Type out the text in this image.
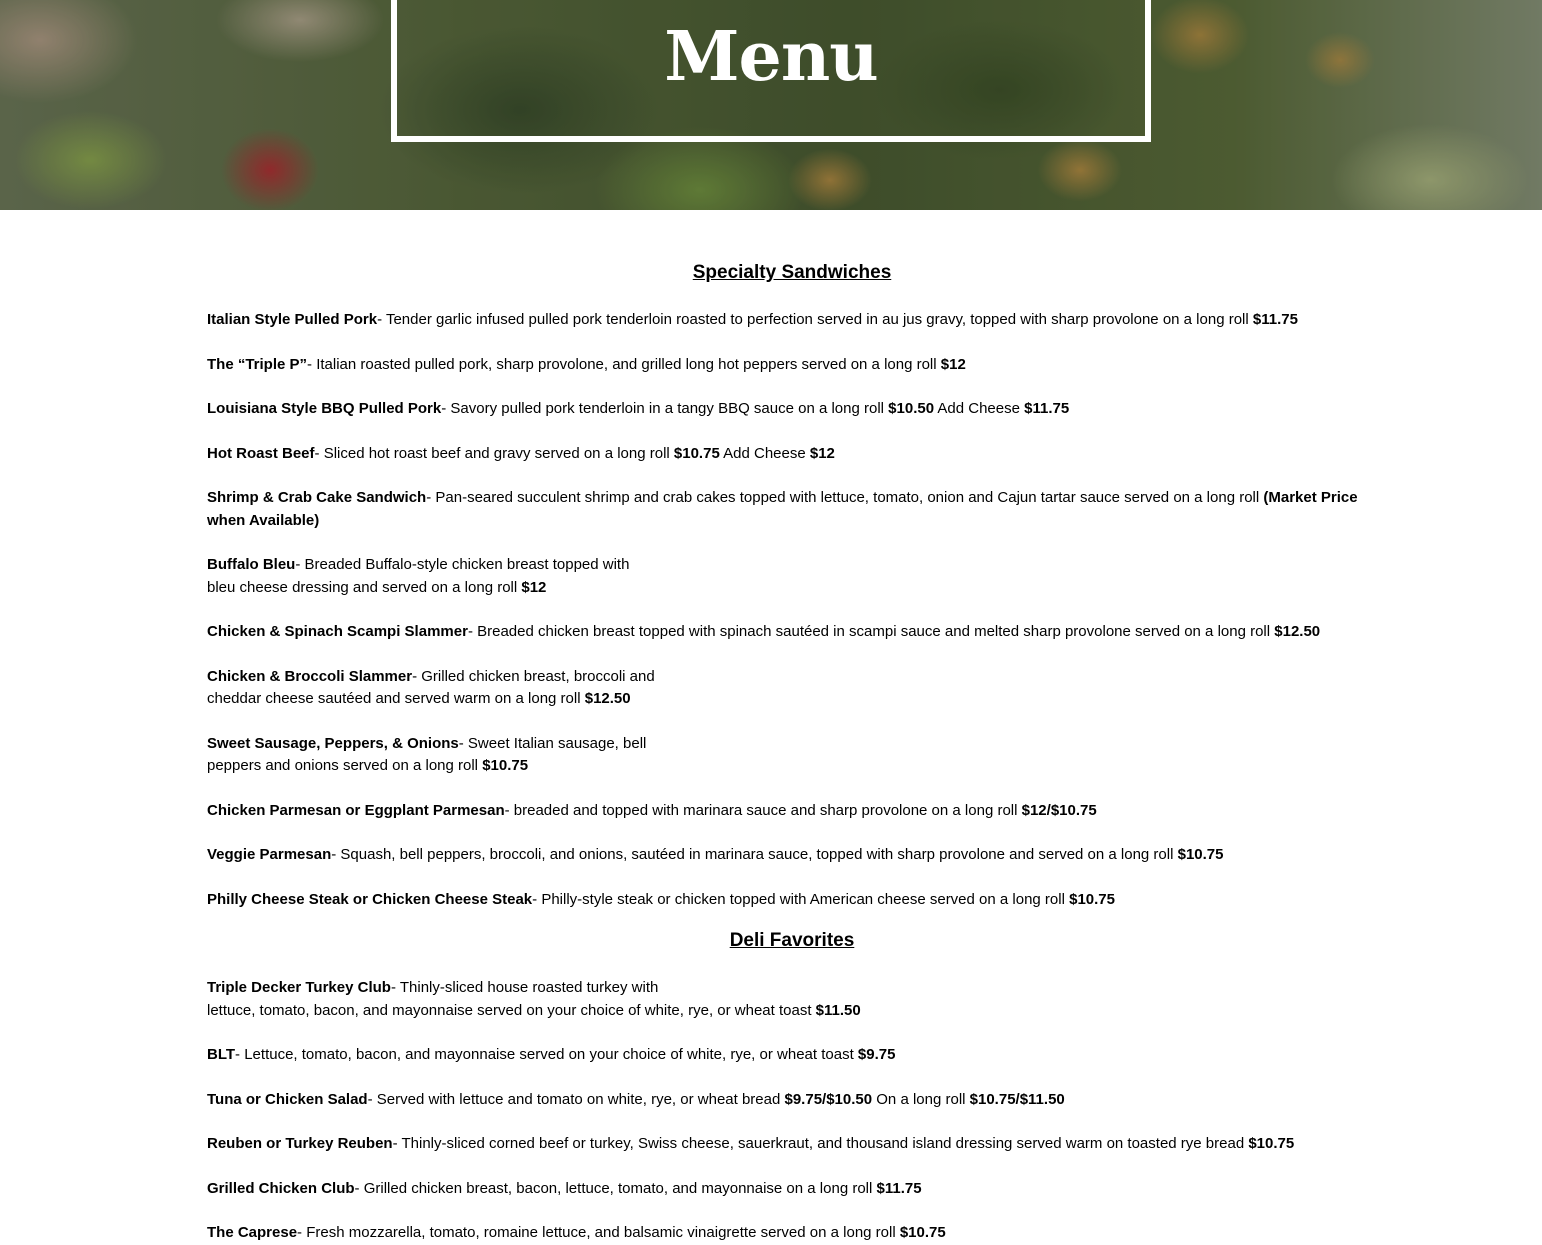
Menu
Specialty Sandwiches

Italian Style Pulled Pork- Tender garlic infused pulled pork tenderloin roasted to perfection served in au jus gravy, topped with sharp provolone on a long roll $11.75

The “Triple P”- Italian roasted pulled pork, sharp provolone, and grilled long hot peppers served on a long roll $12

Louisiana Style BBQ Pulled Pork- Savory pulled pork tenderloin in a tangy BBQ sauce on a long roll $10.50 Add Cheese $11.75

Hot Roast Beef- Sliced hot roast beef and gravy served on a long roll $10.75 Add Cheese $12

Shrimp & Crab Cake Sandwich- Pan-seared succulent shrimp and crab cakes topped with lettuce, tomato, onion and Cajun tartar sauce served on a long roll (Market Price when Available)

Buffalo Bleu- Breaded Buffalo-style chicken breast topped with
bleu cheese dressing and served on a long roll $12

Chicken & Spinach Scampi Slammer- Breaded chicken breast topped with spinach sautéed in scampi sauce and melted sharp provolone served on a long roll $12.50

Chicken & Broccoli Slammer- Grilled chicken breast, broccoli and
cheddar cheese sautéed and served warm on a long roll $12.50

Sweet Sausage, Peppers, & Onions- Sweet Italian sausage, bell
peppers and onions served on a long roll $10.75

Chicken Parmesan or Eggplant Parmesan- breaded and topped with marinara sauce and sharp provolone on a long roll $12/$10.75

Veggie Parmesan- Squash, bell peppers, broccoli, and onions, sautéed in marinara sauce, topped with sharp provolone and served on a long roll $10.75

Philly Cheese Steak or Chicken Cheese Steak- Philly-style steak or chicken topped with American cheese served on a long roll $10.75

Deli Favorites

Triple Decker Turkey Club- Thinly-sliced house roasted turkey with
lettuce, tomato, bacon, and mayonnaise served on your choice of white, rye, or wheat toast $11.50

BLT- Lettuce, tomato, bacon, and mayonnaise served on your choice of white, rye, or wheat toast $9.75

Tuna or Chicken Salad- Served with lettuce and tomato on white, rye, or wheat bread $9.75/$10.50 On a long roll $10.75/$11.50

Reuben or Turkey Reuben- Thinly-sliced corned beef or turkey, Swiss cheese, sauerkraut, and thousand island dressing served warm on toasted rye bread $10.75

Grilled Chicken Club- Grilled chicken breast, bacon, lettuce, tomato, and mayonnaise on a long roll $11.75

The Caprese- Fresh mozzarella, tomato, romaine lettuce, and balsamic vinaigrette served on a long roll $10.75
